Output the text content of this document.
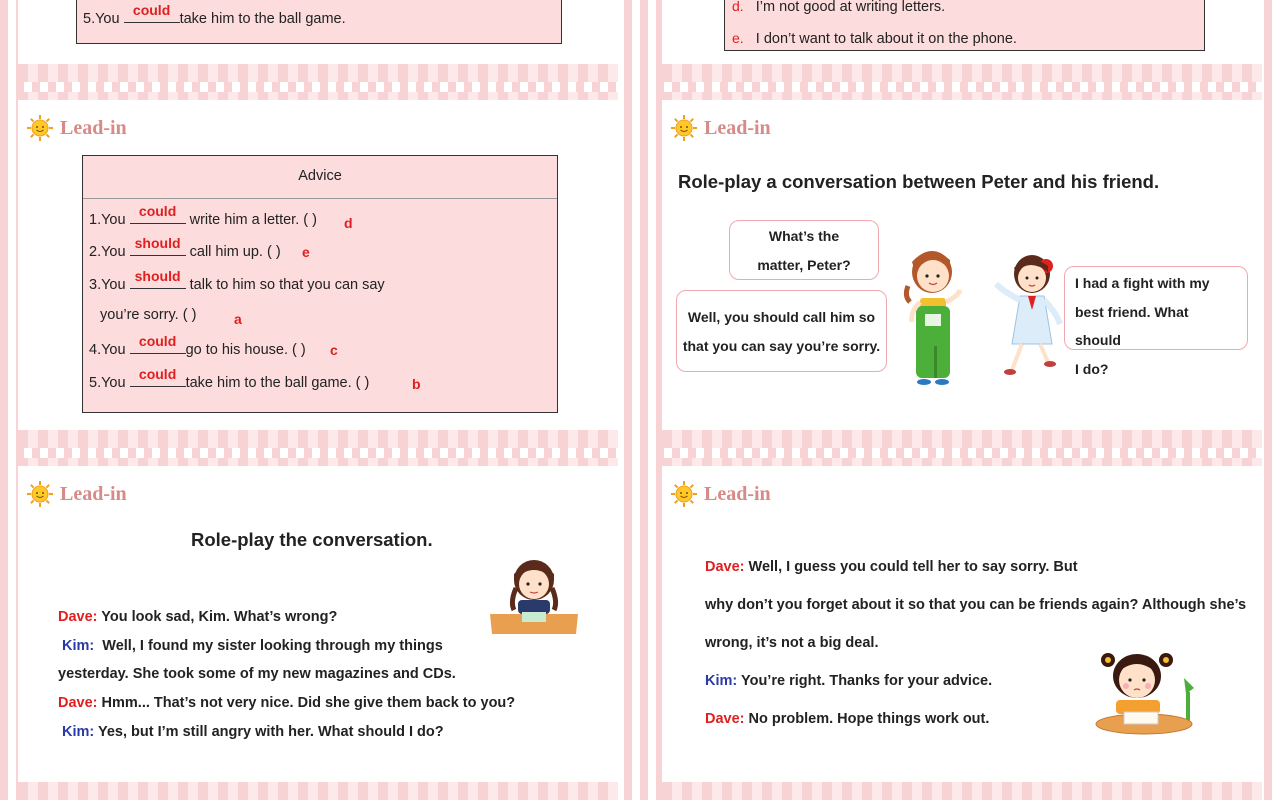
5.You
could
take him to the ball game.
d. I’m not good at writing letters.
e. I don’t want to talk about it on the phone.
Lead-in
Advice
1.You
could
write him a letter. ( ) d
2.You
should
call him up. ( ) e
3.You
should
talk to him so that you can say
you’re sorry. ( )	a
4.You
could
go to his house. ( ) c
5.You
could
take him to the ball game. ( )	b
Lead-in
Role-play a conversation between Peter and his friend.
What’s the
matter, Peter?
Well, you should call him so
that you can say you’re sorry.
I had a fight with my
best friend. What should
I do?
Lead-in
Role-play the conversation.
Dave: You look sad, Kim. What’s wrong?
Kim:  Well, I found my sister looking through my things
yesterday. She took some of my new magazines and CDs.
Dave: Hmm... That’s not very nice. Did she give them back to you?
Kim: Yes, but I’m still angry with her. What should I do?
Lead-in
Dave: Well, I guess you could tell her to say sorry. But
why don’t you forget about it so that you can be friends again? Although she’s
wrong, it’s not a big deal.
Kim: You’re right. Thanks for your advice.
Dave: No problem. Hope things work out.
